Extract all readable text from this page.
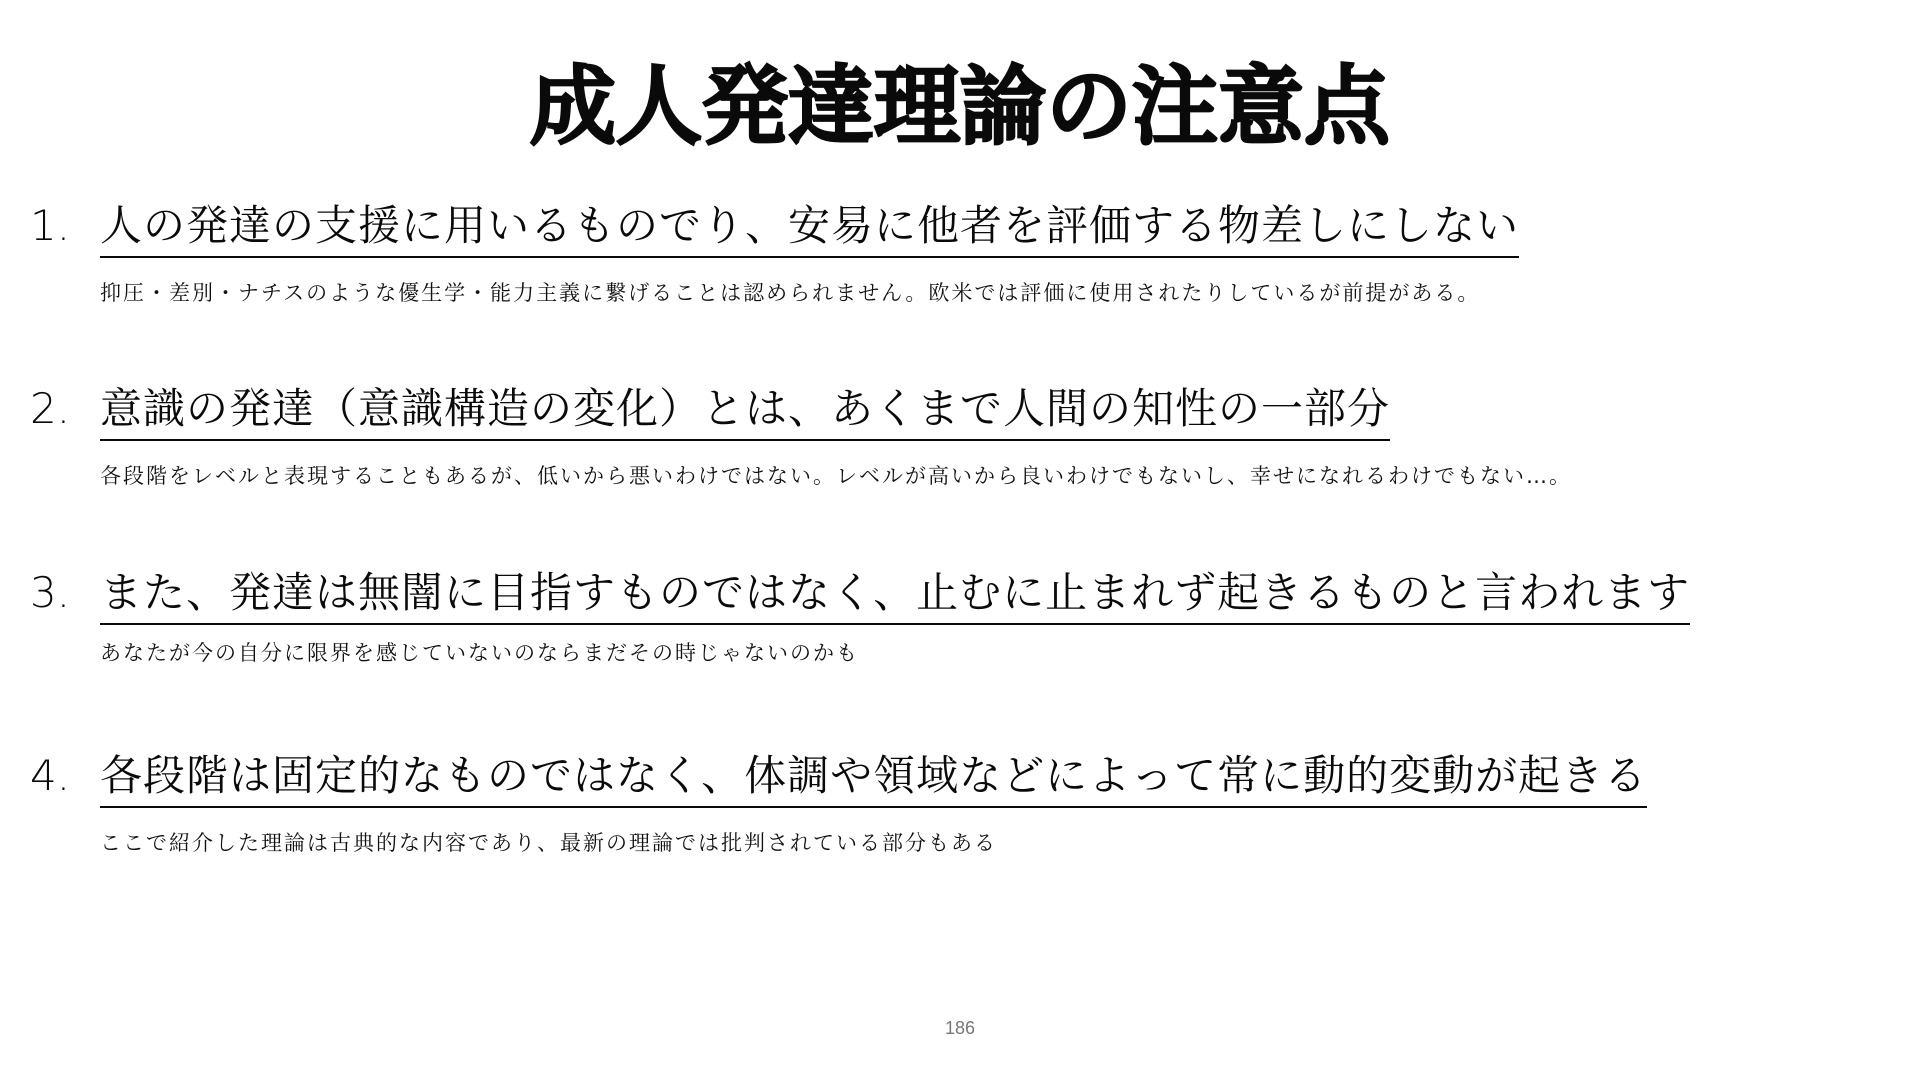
成人発達理論の注意点
1. 人の発達の支援に用いるものでり、安易に他者を評価する物差しにしない
抑圧・差別・ナチスのような優生学・能力主義に繋げることは認められません。欧米では評価に使用されたりしているが前提がある。
2. 意識の発達（意識構造の変化）とは、あくまで人間の知性の一部分
各段階をレベルと表現することもあるが、低いから悪いわけではない。レベルが高いから良いわけでもないし、幸せになれるわけでもない…。
3. また、発達は無闇に目指すものではなく、止むに止まれず起きるものと言われます
あなたが今の自分に限界を感じていないのならまだその時じゃないのかも
4. 各段階は固定的なものではなく、体調や領域などによって常に動的変動が起きる
ここで紹介した理論は古典的な内容であり、最新の理論では批判されている部分もある
186
